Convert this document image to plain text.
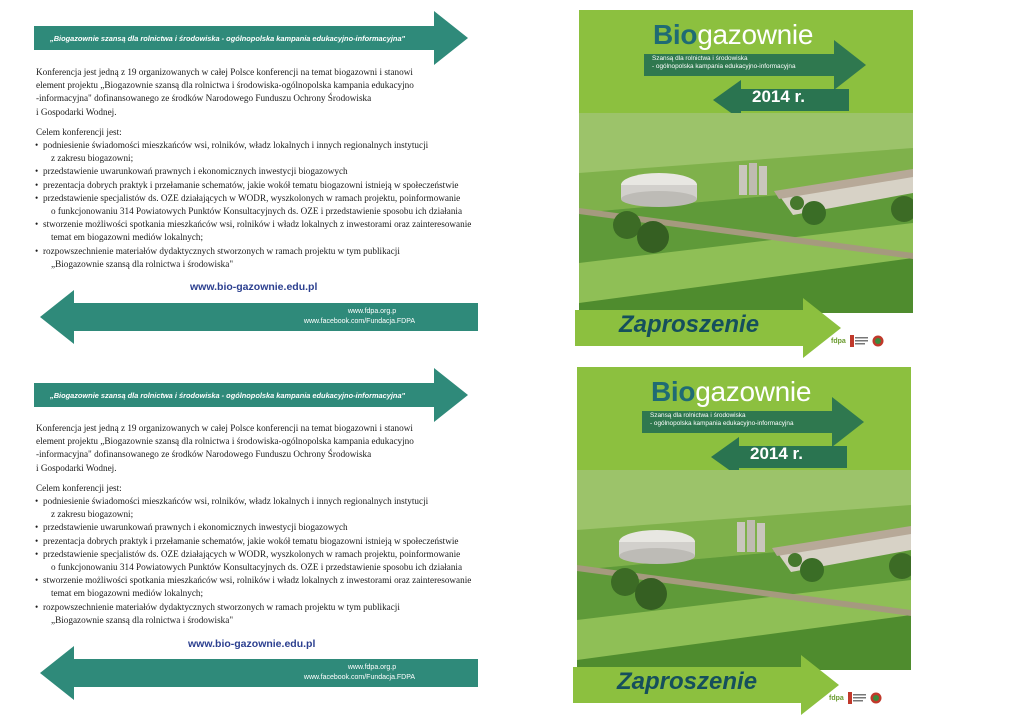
„Biogazownie szansą dla rolnictwa i środowiska - ogólnopolska kampania edukacyjno-informacyjna"

Konferencja jest jedną z 19 organizowanych w całej Polsce konferencji na temat biogazowni i stanowi
element projektu „Biogazownie szansą dla rolnictwa i środowiska-ogólnopolska kampania edukacyjno
-informacyjna" dofinansowanego ze środków Narodowego Funduszu Ochrony Środowiska
i Gospodarki Wodnej.

Celem konferencji jest:

• podniesienie świadomości mieszkańców wsi, rolników, władz lokalnych i innych regionalnych instytucji
z zakresu biogazowni;
• przedstawienie uwarunkowań prawnych i ekonomicznych inwestycji biogazowych
• prezentacja dobrych praktyk i przełamanie schematów, jakie wokół tematu biogazowni istnieją w społeczeństwie
• przedstawienie specjalistów ds. OZE działających w WODR, wyszkolonych w ramach projektu, poinformowanie
o funkcjonowaniu 314 Powiatowych Punktów Konsultacyjnych ds. OZE i przedstawienie sposobu ich działania
• stworzenie możliwości spotkania mieszkańców wsi, rolników i władz lokalnych z inwestorami oraz zainteresowanie
temat em biogazowni mediów lokalnych;
• rozpowszechnienie materiałów dydaktycznych stworzonych w ramach projektu w tym publikacji
„Biogazownie szansą dla rolnictwa i środowiska"
www.bio-gazownie.edu.pl
www.fdpa.org.p
www.facebook.com/Fundacja.FDPA
Biogazownie
Szansą dla rolnictwa i środowiska
- ogólnopolska kampania edukacyjno-informacyjna
2014 r.
Zaproszenie
fdpa
„Biogazownie szansą dla rolnictwa i środowiska - ogólnopolska kampania edukacyjno-informacyjna"

Konferencja jest jedną z 19 organizowanych w całej Polsce konferencji na temat biogazowni i stanowi
element projektu „Biogazownie szansą dla rolnictwa i środowiska-ogólnopolska kampania edukacyjno
-informacyjna" dofinansowanego ze środków Narodowego Funduszu Ochrony Środowiska
i Gospodarki Wodnej.

Celem konferencji jest:

• podniesienie świadomości mieszkańców wsi, rolników, władz lokalnych i innych regionalnych instytucji
z zakresu biogazowni;
• przedstawienie uwarunkowań prawnych i ekonomicznych inwestycji biogazowych
• prezentacja dobrych praktyk i przełamanie schematów, jakie wokół tematu biogazowni istnieją w społeczeństwie
• przedstawienie specjalistów ds. OZE działających w WODR, wyszkolonych w ramach projektu, poinformowanie
o funkcjonowaniu 314 Powiatowych Punktów Konsultacyjnych ds. OZE i przedstawienie sposobu ich działania
• stworzenie możliwości spotkania mieszkańców wsi, rolników i władz lokalnych z inwestorami oraz zainteresowanie
temat em biogazowni mediów lokalnych;
• rozpowszechnienie materiałów dydaktycznych stworzonych w ramach projektu w tym publikacji
„Biogazownie szansą dla rolnictwa i środowiska"
www.bio-gazownie.edu.pl
www.fdpa.org.p
www.facebook.com/Fundacja.FDPA
Biogazownie
Szansą dla rolnictwa i środowiska
- ogólnopolska kampania edukacyjno-informacyjna
2014 r.
Zaproszenie
fdpa
